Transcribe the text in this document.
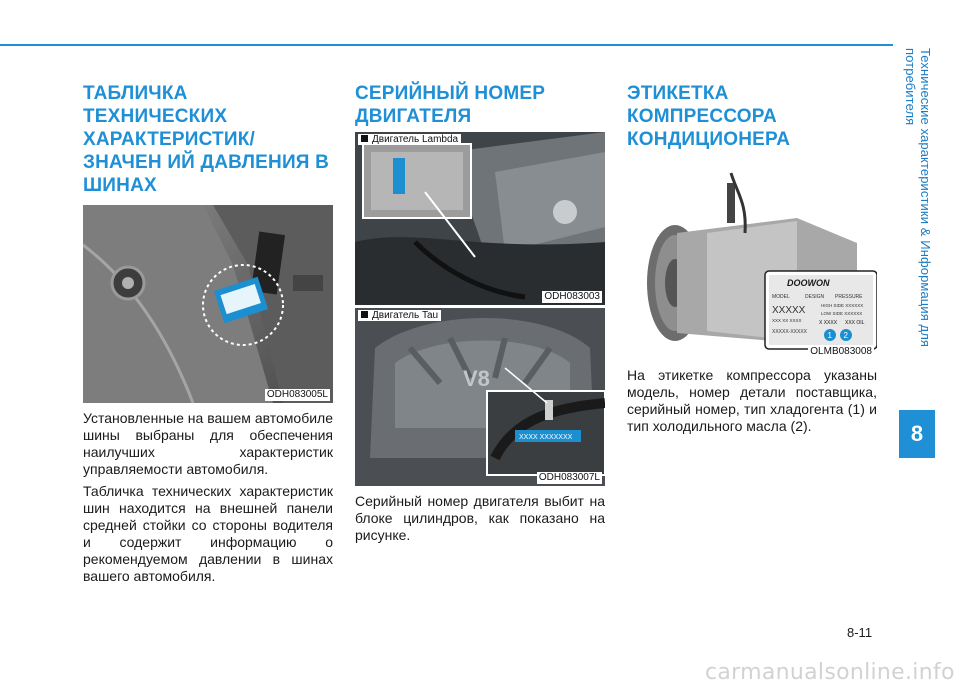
Технические характеристики & Информация для потребителя
8
ТАБЛИЧКА ТЕХНИЧЕСКИХ ХАРАКТЕРИСТИК/ЗНАЧЕН ИЙ ДАВЛЕНИЯ В ШИНАХ
ODH083005L

Установленные на вашем автомобиле шины выбраны для обеспечения наилучших характеристик управляемости автомобиля.

Табличка технических характеристик шин находится на внешней панели средней стойки со стороны водителя и содержит информацию о рекомендуемом давлении в шинах вашего автомобиля.

СЕРИЙНЫЙ НОМЕР ДВИГАТЕЛЯ
Двигатель Lambda
ODH083003
V8
XXXX XXXXXXX
Двигатель Tau
ODH083007L

Серийный номер двигателя выбит на блоке цилиндров, как показано на рисунке.

ЭТИКЕТКА КОМПРЕССОРА КОНДИЦИОНЕРА
DOOWON
MODEL	DESIGN PRESSURE
XXXXX	HIGH SIDE XXXXXX
LOW SIDE XXXXXX
XXX XX XXXX	X XXXX XXX OIL
XXXXX-XXXXX	1 2
OLMB083008

На этикетке компрессора указаны модель, номер детали поставщика, серийный номер, тип хладогента (1) и тип холодильного масла (2).

8-11
carmanualsonline.info
